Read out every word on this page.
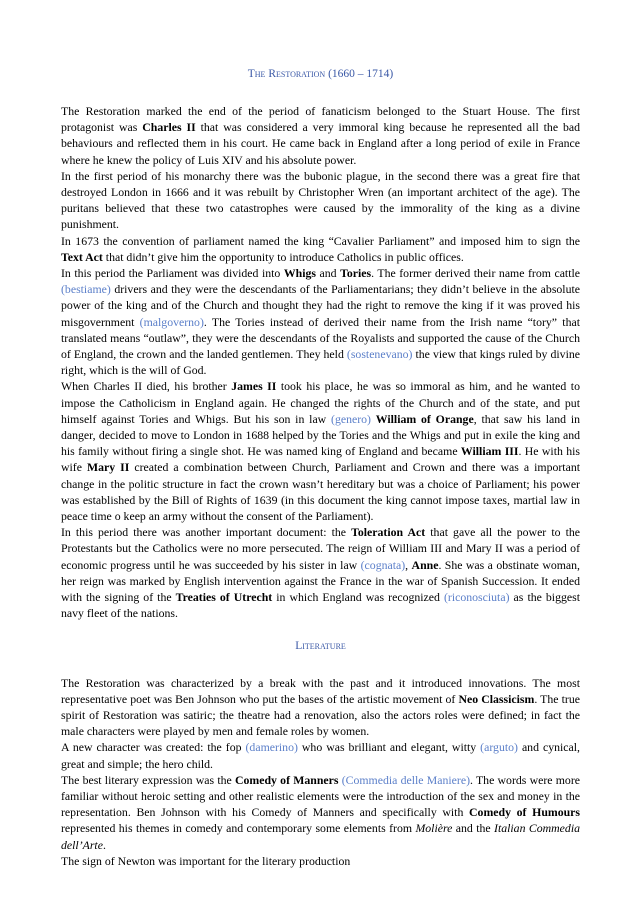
The Restoration (1660 – 1714)

The Restoration marked the end of the period of fanaticism belonged to the Stuart House. The first protagonist was Charles II that was considered a very immoral king because he represented all the bad behaviours and reflected them in his court. He came back in England after a long period of exile in France where he knew the policy of Luis XIV and his absolute power.

In the first period of his monarchy there was the bubonic plague, in the second there was a great fire that destroyed London in 1666 and it was rebuilt by Christopher Wren (an important architect of the age). The puritans believed that these two catastrophes were caused by the immorality of the king as a divine punishment.

In 1673 the convention of parliament named the king “Cavalier Parliament” and imposed him to sign the Text Act that didn’t give him the opportunity to introduce Catholics in public offices.

In this period the Parliament was divided into Whigs and Tories. The former derived their name from cattle (bestiame) drivers and they were the descendants of the Parliamentarians; they didn’t believe in the absolute power of the king and of the Church and thought they had the right to remove the king if it was proved his misgovernment (malgoverno). The Tories instead of derived their name from the Irish name “tory” that translated means “outlaw”, they were the descendants of the Royalists and supported the cause of the Church of England, the crown and the landed gentlemen. They held (sostenevano) the view that kings ruled by divine right, which is the will of God.

When Charles II died, his brother James II took his place, he was so immoral as him, and he wanted to impose the Catholicism in England again. He changed the rights of the Church and of the state, and put himself against Tories and Whigs. But his son in law (genero) William of Orange, that saw his land in danger, decided to move to London in 1688 helped by the Tories and the Whigs and put in exile the king and his family without firing a single shot. He was named king of England and became William III. He with his wife Mary II created a combination between Church, Parliament and Crown and there was a important change in the politic structure in fact the crown wasn’t hereditary but was a choice of Parliament; his power was established by the Bill of Rights of 1639 (in this document the king cannot impose taxes, martial law in peace time o keep an army without the consent of the Parliament).

In this period there was another important document: the Toleration Act that gave all the power to the Protestants but the Catholics were no more persecuted. The reign of William III and Mary II was a period of economic progress until he was succeeded by his sister in law (cognata), Anne. She was a obstinate woman, her reign was marked by English intervention against the France in the war of Spanish Succession. It ended with the signing of the Treaties of Utrecht in which England was recognized (riconosciuta) as the biggest navy fleet of the nations.

Literature

The Restoration was characterized by a break with the past and it introduced innovations. The most representative poet was Ben Johnson who put the bases of the artistic movement of Neo Classicism. The true spirit of Restoration was satiric; the theatre had a renovation, also the actors roles were defined; in fact the male characters were played by men and female roles by women.

A new character was created: the fop (damerino) who was brilliant and elegant, witty (arguto) and cynical, great and simple; the hero child.

The best literary expression was the Comedy of Manners (Commedia delle Maniere). The words were more familiar without heroic setting and other realistic elements were the introduction of the sex and money in the representation. Ben Johnson with his Comedy of Manners and specifically with Comedy of Humours represented his themes in comedy and contemporary some elements from Molière and the Italian Commedia dell’Arte.

The sign of Newton was important for the literary production
